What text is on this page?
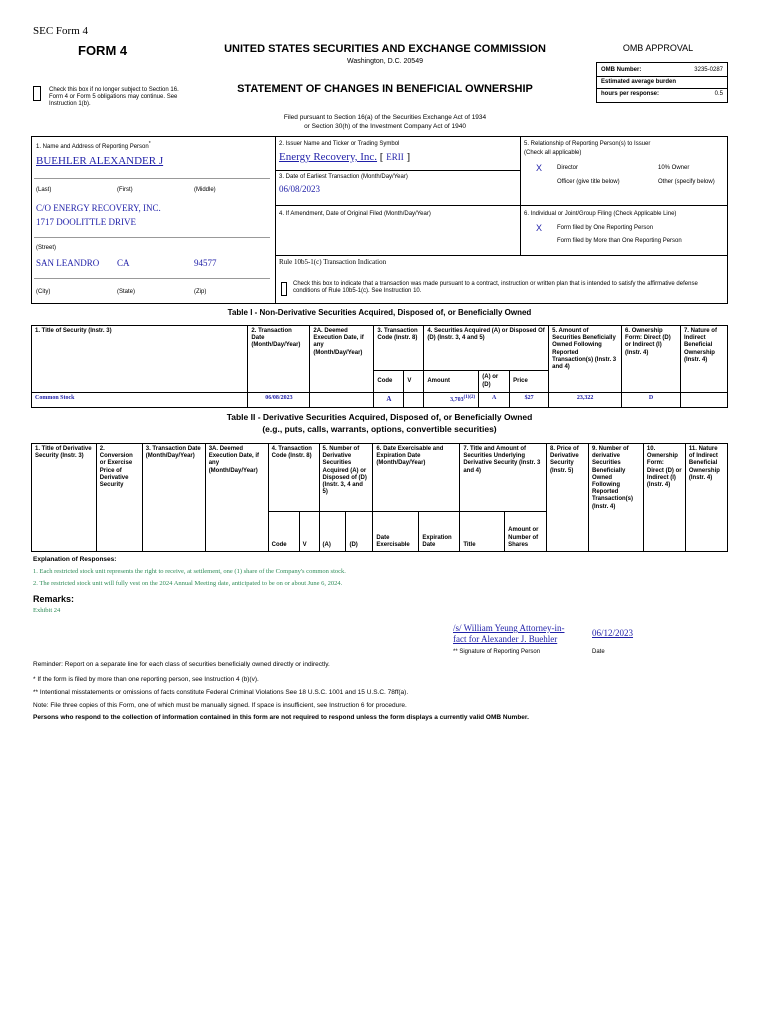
SEC Form 4
FORM 4	UNITED STATES SECURITIES AND EXCHANGE COMMISSION
Washington, D.C. 20549
Check this box if no longer subject to Section 16. Form 4 or Form 5 obligations may continue. See Instruction 1(b).
STATEMENT OF CHANGES IN BENEFICIAL OWNERSHIP
OMB APPROVAL
OMB Number:	3235-0287
Estimated average burden
hours per response:	0.5
Filed pursuant to Section 16(a) of the Securities Exchange Act of 1934
or Section 30(h) of the Investment Company Act of 1940
1. Name and Address of Reporting Person*
BUEHLER ALEXANDER J
(Last)	(First)	(Middle)
C/O ENERGY RECOVERY, INC.
1717 DOOLITTLE DRIVE
(Street)
SAN LEANDRO CA	94577
(City)	(State)	(Zip)
2. Issuer Name and Ticker or Trading Symbol
Energy Recovery, Inc. [ ERII ]
3. Date of Earliest Transaction (Month/Day/Year)
06/08/2023
4. If Amendment, Date of Original Filed (Month/Day/Year)
5. Relationship of Reporting Person(s) to Issuer
(Check all applicable)
X Director	10% Owner
Officer (give title below)	Other (specify below)
6. Individual or Joint/Group Filing (Check Applicable Line)
X Form filed by One Reporting Person
Form filed by More than One Reporting Person
Rule 10b5-1(c) Transaction Indication
Check this box to indicate that a transaction was made pursuant to a contract, instruction or written plan that is intended to satisfy the affirmative defense conditions of Rule 10b5-1(c). See Instruction 10.
Table I - Non-Derivative Securities Acquired, Disposed of, or Beneficially Owned
1. Title of Security (Instr. 3)	2. Transaction Date (Month/Day/Year)	2A. Deemed Execution Date, if any (Month/Day/Year)	3. Transaction Code (Instr. 8)		4. Securities Acquired (A) or Disposed Of (D) (Instr. 3, 4 and 5)			5. Amount of Securities Beneficially Owned Following Reported Transaction(s) (Instr. 3 and 4)	6. Ownership Form: Direct (D) or Indirect (I) (Instr. 4)	7. Nature of Indirect Beneficial Ownership (Instr. 4)
			Code	V	Amount	(A) or (D)	Price			
Common Stock	06/08/2023		A		$3,703^{(1)(2)}$	A	$27	23,322	D	
Table II - Derivative Securities Acquired, Disposed of, or Beneficially Owned
(e.g., puts, calls, warrants, options, convertible securities)
1. Title of Derivative Security (Instr. 3)	2. Conversion or Exercise Price of Derivative Security	3. Transaction Date (Month/Day/Year)	3A. Deemed Execution Date, if any (Month/Day/Year)	4. Transaction Code (Instr. 8)		5. Number of Derivative Securities Acquired (A) or Disposed of (D) (Instr. 3, 4 and 5)		6. Date Exercisable and Expiration Date (Month/Day/Year)		7. Title and Amount of Securities Underlying Derivative Security (Instr. 3 and 4)		8. Price of Derivative Security (Instr. 5)	9. Number of derivative Securities Beneficially Owned Following Reported Transaction(s) (Instr. 4)	10. Ownership Form: Direct (D) or Indirect (I) (Instr. 4)	11. Nature of Indirect Beneficial Ownership (Instr. 4)
				Code	V	(A)	(D)	Date Exercisable	Expiration Date	Title	Amount or Number of Shares				
Explanation of Responses:
1. Each restricted stock unit represents the right to receive, at settlement, one (1) share of the Company's common stock.
2. The restricted stock unit will fully vest on the 2024 Annual Meeting date, anticipated to be on or about June 6, 2024.
Remarks:
Exhibit 24
/s/ William Yeung Attorney-in-
fact for Alexander J. Buehler
06/12/2023
** Signature of Reporting Person	Date
Reminder: Report on a separate line for each class of securities beneficially owned directly or indirectly.
* If the form is filed by more than one reporting person, see Instruction 4 (b)(v).
** Intentional misstatements or omissions of facts constitute Federal Criminal Violations See 18 U.S.C. 1001 and 15 U.S.C. 78ff(a).
Note: File three copies of this Form, one of which must be manually signed. If space is insufficient, see Instruction 6 for procedure.
Persons who respond to the collection of information contained in this form are not required to respond unless the form displays a currently valid OMB Number.
